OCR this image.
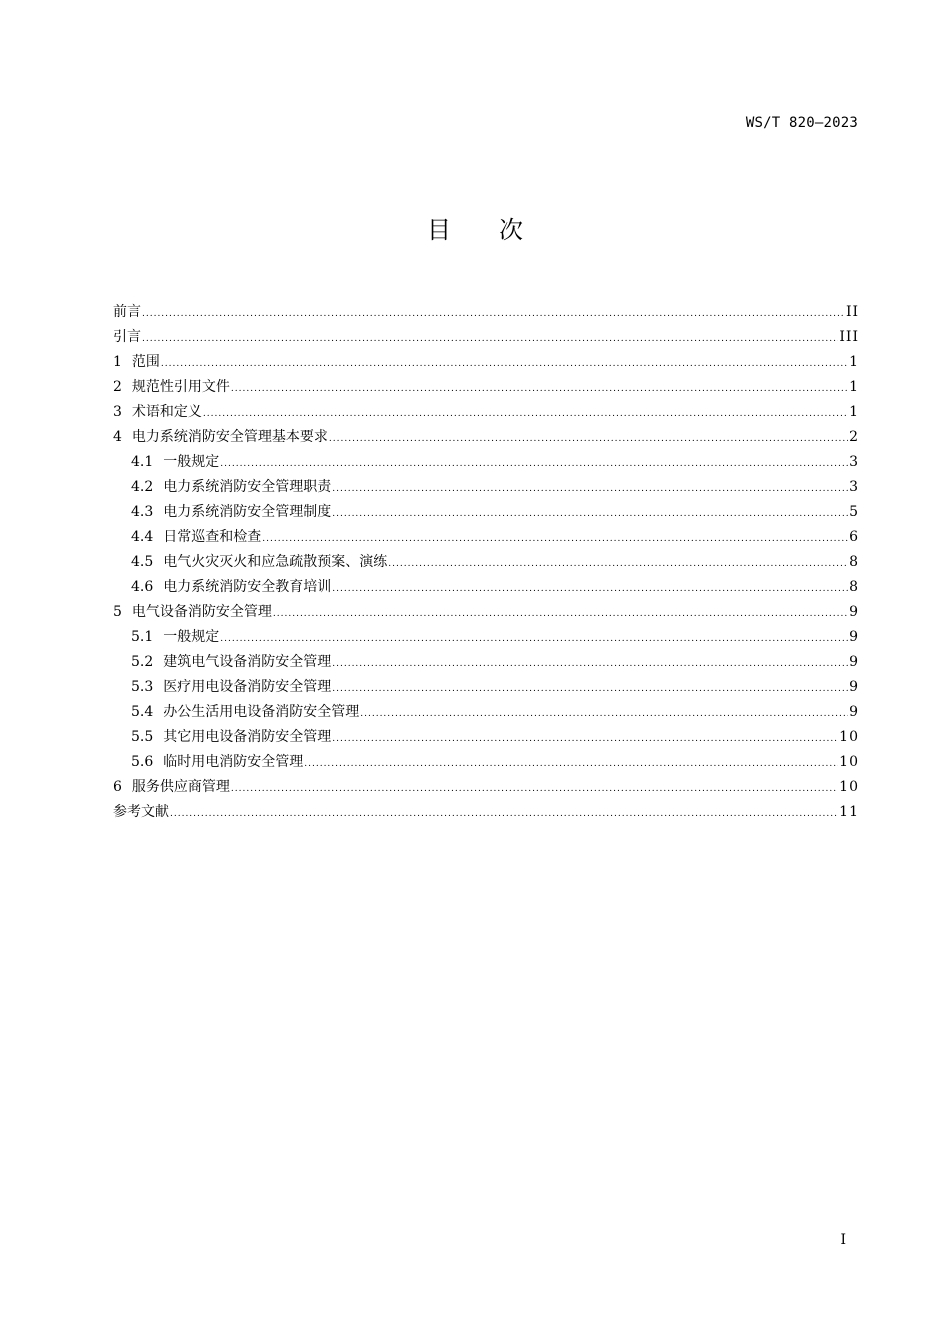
WS/T 820—2023
目 次
前言 .....	II
引言 .....	III
1 范围 .....	1
2 规范性引用文件 .....	1
3 术语和定义 .....	1
4 电力系统消防安全管理基本要求 .....	2
4.1 一般规定 .....	3
4.2 电力系统消防安全管理职责 .....	3
4.3 电力系统消防安全管理制度 .....	5
4.4 日常巡查和检查 .....	6
4.5 电气火灾灭火和应急疏散预案、演练 .....	8
4.6 电力系统消防安全教育培训 .....	8
5 电气设备消防安全管理 .....	9
5.1 一般规定 .....	9
5.2 建筑电气设备消防安全管理 .....	9
5.3 医疗用电设备消防安全管理 .....	9
5.4 办公生活用电设备消防安全管理 .....	9
5.5 其它用电设备消防安全管理 .....	10
5.6 临时用电消防安全管理 .....	10
6 服务供应商管理 .....	10
参考文献 .....	11
I
